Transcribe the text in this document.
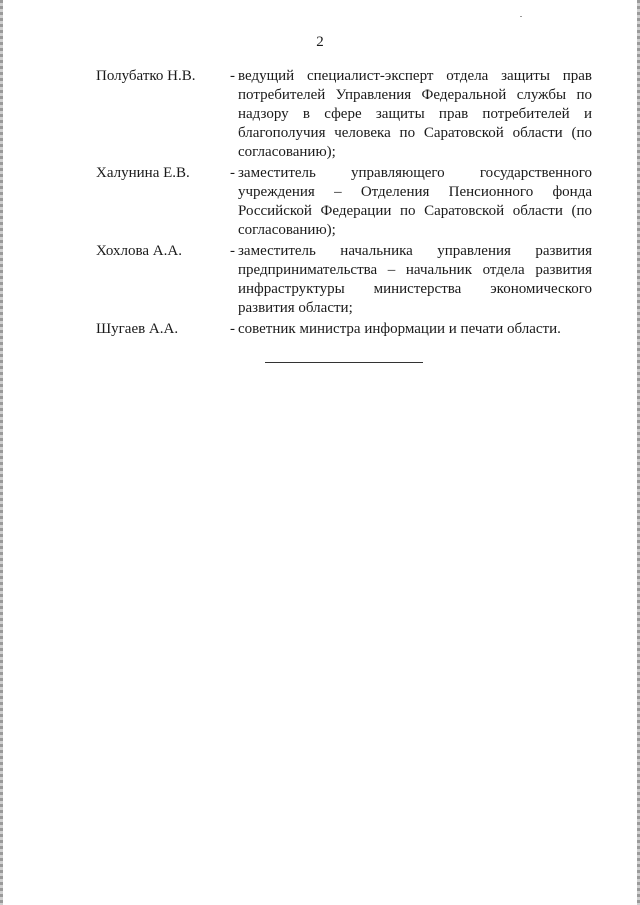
2
Полубатко Н.В.	- ведущий специалист-эксперт отдела защиты прав потребителей Управления Федеральной службы по надзору в сфере защиты прав потребителей и благополучия человека по Саратовской области (по согласованию);
Халунина Е.В.	- заместитель управляющего государственного учреждения – Отделения Пенсионного фонда Российской Федерации по Саратовской области (по согласованию);
Хохлова А.А.	- заместитель начальника управления развития предпринимательства – начальник отдела развития инфраструктуры министерства экономического развития области;
Шугаев А.А.	- советник министра информации и печати области.
